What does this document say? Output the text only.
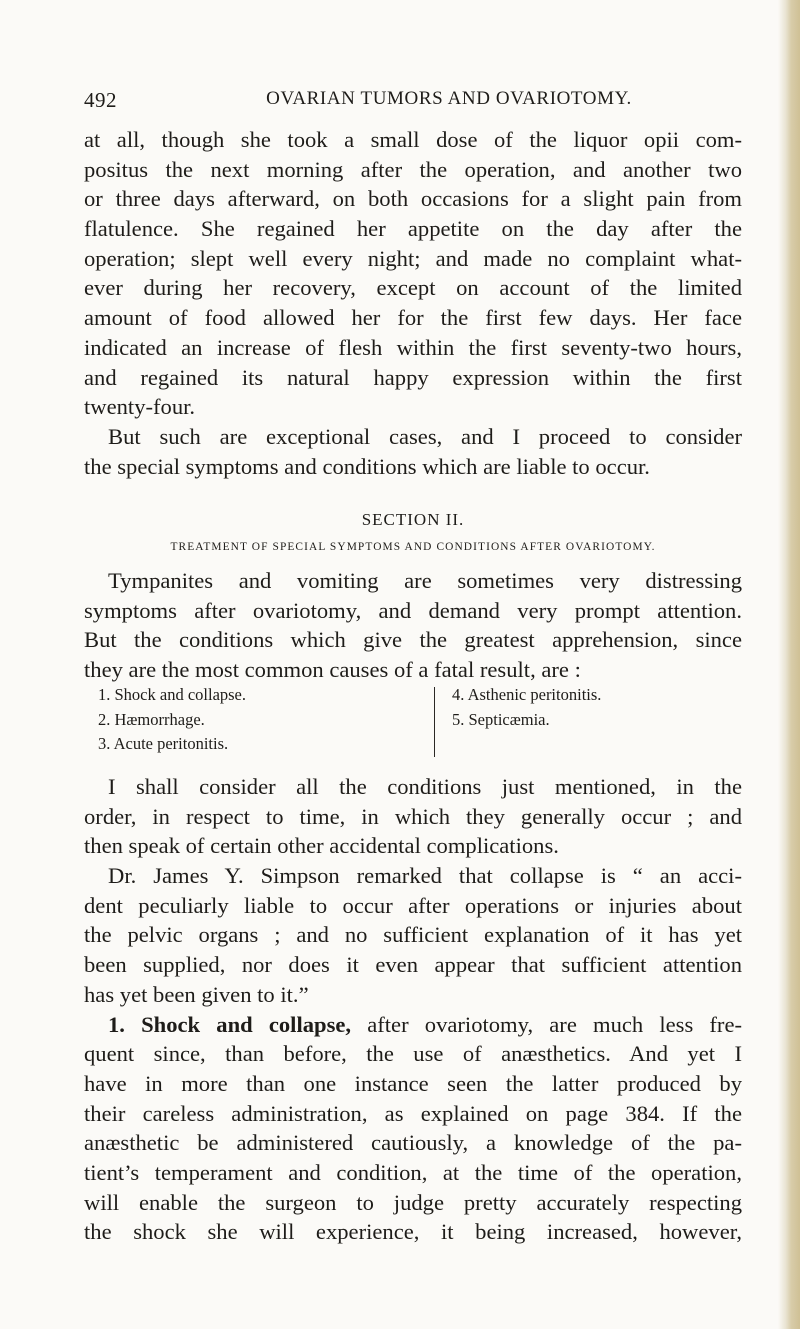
492	OVARIAN TUMORS AND OVARIOTOMY.
at all, though she took a small dose of the liquor opii com-
positus the next morning after the operation, and another two
or three days afterward, on both occasions for a slight pain from
flatulence. She regained her appetite on the day after the
operation; slept well every night; and made no complaint what-
ever during her recovery, except on account of the limited
amount of food allowed her for the first few days. Her face
indicated an increase of flesh within the first seventy-two hours,
and regained its natural happy expression within the first
twenty-four.
But such are exceptional cases, and I proceed to consider
the special symptoms and conditions which are liable to occur.
SECTION II.
TREATMENT OF SPECIAL SYMPTOMS AND CONDITIONS AFTER OVARIOTOMY.
Tympanites and vomiting are sometimes very distressing
symptoms after ovariotomy, and demand very prompt attention.
But the conditions which give the greatest apprehension, since
they are the most common causes of a fatal result, are :
1. Shock and collapse.
2. Hæmorrhage.
3. Acute peritonitis.
4. Asthenic peritonitis.
5. Septicæmia.
I shall consider all the conditions just mentioned, in the
order, in respect to time, in which they generally occur ; and
then speak of certain other accidental complications.
Dr. James Y. Simpson remarked that collapse is “ an acci-
dent peculiarly liable to occur after operations or injuries about
the pelvic organs ; and no sufficient explanation of it has yet
been supplied, nor does it even appear that sufficient attention
has yet been given to it.”
1. Shock and collapse, after ovariotomy, are much less fre-
quent since, than before, the use of anæsthetics. And yet I
have in more than one instance seen the latter produced by
their careless administration, as explained on page 384. If the
anæsthetic be administered cautiously, a knowledge of the pa-
tient’s temperament and condition, at the time of the operation,
will enable the surgeon to judge pretty accurately respecting
the shock she will experience, it being increased, however,
